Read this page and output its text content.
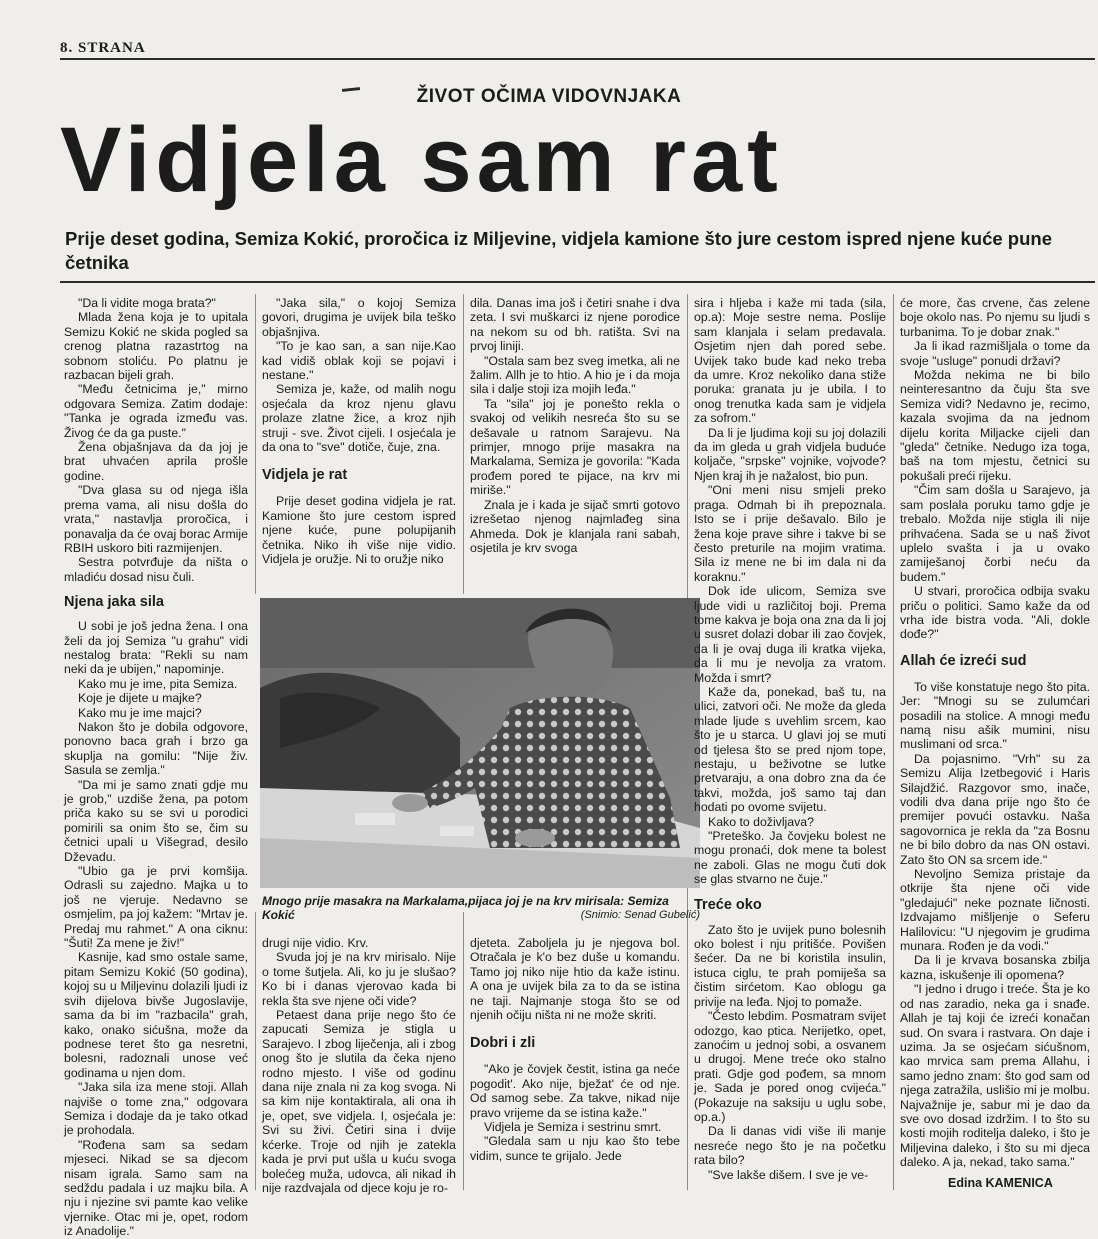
8. STRANA
ŽIVOT OČIMA VIDOVNJAKA
Vidjela sam rat
Prije deset godina, Semiza Kokić, proročica iz Miljevine, vidjela kamione što jure cestom ispred njene kuće pune četnika

"Da li vidite moga brata?"

Mlada žena koja je to upitala Semizu Kokić ne skida pogled sa crenog platna razastrtog na sobnom stoliću. Po platnu je razbacan bijeli grah.

"Među četnicima je," mirno odgovara Semiza. Zatim dodaje: "Tanka je ograda između vas. Živog će da ga puste."

Žena objašnjava da da joj je brat uhvaćen aprila prošle godine.

"Dva glasa su od njega išla prema vama, ali nisu došla do vrata," nastavlja proročica, i ponavalja da će ovaj borac Armije RBIH uskoro biti razmijenjen.

Sestra potvrđuje da ništa o mladiću dosad nisu čuli.

Njena jaka sila

U sobi je još jedna žena. I ona želi da joj Semiza "u grahu" vidi nestalog brata: "Rekli su nam neki da je ubijen," napominje.

Kako mu je ime, pita Semiza.

Koje je dijete u majke?

Kako mu je ime majci?

Nakon što je dobila odgovore, ponovno baca grah i brzo ga skuplja na gomilu: "Nije živ. Sasula se zemlja."

"Da mi je samo znati gdje mu je grob," uzdiše žena, pa potom priča kako su se svi u porodici pomirili sa onim što se, čim su četnici upali u Višegrad, desilo Dževadu.

"Ubio ga je prvi komšija. Odrasli su zajedno. Majka u to još ne vjeruje. Nedavno se osmjelim, pa joj kažem: "Mrtav je. Predaj mu rahmet." A ona ciknu: "Šuti! Za mene je živ!"

Kasnije, kad smo ostale same, pitam Semizu Kokić (50 godina), kojoj su u Miljevinu dolazili ljudi iz svih dijelova bivše Jugoslavije, sama da bi im "razbacila" grah, kako, onako sićušna, može da podnese teret što ga nesretni, bolesni, radoznali unose već godinama u njen dom.

"Jaka sila iza mene stoji. Allah najviše o tome zna," odgovara Semiza i dodaje da je tako otkad je prohodala.

"Rođena sam sa sedam mjeseci. Nikad se sa djecom nisam igrala. Samo sam na sedždu padala i uz majku bila. A nju i njezine svi pamte kao velike vjernike. Otac mi je, opet, rodom iz Anadolije."

"Jaka sila," o kojoj Semiza govori, drugima je uvijek bila teško objašnjiva.

"To je kao san, a san nije.Kao kad vidiš oblak koji se pojavi i nestane."

Semiza je, kaže, od malih nogu osjećala da kroz njenu glavu prolaze zlatne žice, a kroz njih struji - sve. Život cijeli. I osjećala je da ona to "sve" dotiče, čuje, zna.

Vidjela je rat

Prije deset godina vidjela je rat. Kamione što jure cestom ispred njene kuće, pune polupijanih četnika. Niko ih više nije vidio. Vidjela je oružje. Ni to oružje niko

dila. Danas ima još i četiri snahe i dva zeta. I svi muškarci iz njene porodice na nekom su od bh. ratišta. Svi na prvoj liniji.

"Ostala sam bez sveg imetka, ali ne žalim. Allh je to htio. A hio je i da moja sila i dalje stoji iza mojih leđa."

Ta "sila" joj je ponešto rekla o svakoj od velikih nesreća što su se dešavale u ratnom Sarajevu. Na primjer, mnogo prije masakra na Markalama, Semiza je govorila: "Kada prođem pored te pijace, na krv mi miriše."

Znala je i kada je sijač smrti gotovo izrešetao njenog najmlađeg sina Ahmeda. Dok je klanjala rani sabah, osjetila je krv svoga

Mnogo prije masakra na Markalama,pijaca joj je na krv mirisala: Semiza Kokić	(Snimio: Senad Gubelić)

drugi nije vidio. Krv.

Svuda joj je na krv mirisalo. Nije o tome šutjela. Ali, ko ju je slušao? Ko bi i danas vjerovao kada bi rekla šta sve njene oči vide?

Petaest dana prije nego što će zapucati Semiza je stigla u Sarajevo. I zbog liječenja, ali i zbog onog što je slutila da čeka njeno rodno mjesto. I više od godinu dana nije znala ni za kog svoga. Ni sa kim nije kontaktirala, ali ona ih je, opet, sve vidjela. I, osjećala je: Svi su živi. Četiri sina i dvije kćerke. Troje od njih je zatekla kada je prvi put ušla u kuću svoga bolećeg muža, udovca, ali nikad ih nije razdvajala od djece koju je ro-

djeteta. Zaboljela ju je njegova bol. Otračala je k'o bez duše u komandu. Tamo joj niko nije htio da kaže istinu. A ona je uvijek bila za to da se istina ne taji. Najmanje stoga što se od njenih očiju ništa ni ne može skriti.

Dobri i zli

"Ako je čovjek čestit, istina ga neće pogodit'. Ako nije, bježat' će od nje. Od samog sebe. Za takve, nikad nije pravo vrijeme da se istina kaže."

Vidjela je Semiza i sestrinu smrt.

"Gledala sam u nju kao što tebe vidim, sunce te grijalo. Jede

sira i hljeba i kaže mi tada (sila, op.a): Moje sestre nema. Poslije sam klanjala i selam predavala. Osjetim njen dah pored sebe. Uvijek tako bude kad neko treba da umre. Kroz nekoliko dana stiže poruka: granata ju je ubila. I to onog trenutka kada sam je vidjela za sofrom."

Da li je ljudima koji su joj dolazili da im gleda u grah vidjela buduće koljače, "srpske" vojnike, vojvode? Njen kraj ih je nažalost, bio pun.

"Oni meni nisu smjeli preko praga. Odmah bi ih prepoznala. Isto se i prije dešavalo. Bilo je žena koje prave sihre i takve bi se često preturile na mojim vratima. Sila iz mene ne bi im dala ni da koraknu."

Dok ide ulicom, Semiza sve ljude vidi u različitoj boji. Prema tome kakva je boja ona zna da li joj u susret dolazi dobar ili zao čovjek, da li je ovaj duga ili kratka vijeka, da li mu je nevolja za vratom. Možda i smrt?

Kaže da, ponekad, baš tu, na ulici, zatvori oči. Ne može da gleda mlade ljude s uvehlim srcem, kao što je u starca. U glavi joj se muti od tjelesa što se pred njom tope, nestaju, u beživotne se lutke pretvaraju, a ona dobro zna da će takvi, možda, još samo taj dan hodati po ovome svijetu.

Kako to doživljava?

"Preteško. Ja čovjeku bolest ne mogu pronaći, dok mene ta bolest ne zaboli. Glas ne mogu čuti dok se glas stvarno ne čuje."

Treće oko

Zato što je uvijek puno bolesnih oko bolest i nju pritišće. Povišen šećer. Da ne bi koristila insulin, istuca ciglu, te prah pomiješa sa čistim sirćetom. Kao oblogu ga privije na leđa. Njoj to pomaže.

"Često lebdim. Posmatram svijet odozgo, kao ptica. Nerijetko, opet, zanoćim u jednoj sobi, a osvanem u drugoj. Mene treće oko stalno prati. Gdje god pođem, sa mnom je. Sada je pored onog cvijeća." (Pokazuje na saksiju u uglu sobe, op.a.)

Da li danas vidi više ili manje nesreće nego što je na početku rata bilo?

"Sve lakše dišem. I sve je ve-

će more, čas crvene, čas zelene boje okolo nas. Po njemu su ljudi s turbanima. To je dobar znak."

Ja li ikad razmišljala o tome da svoje "usluge" ponudi državi?

Možda nekima ne bi bilo neinteresantno da čuju šta sve Semiza vidi? Nedavno je, recimo, kazala svojima da na jednom dijelu korita Miljacke cijeli dan "gleda" četnike. Nedugo iza toga, baš na tom mjestu, četnici su pokušali preći rijeku.

"Čim sam došla u Sarajevo, ja sam poslala poruku tamo gdje je trebalo. Možda nije stigla ili nije prihvaćena. Sada se u naš život uplelo svašta i ja u ovako zamiješanoj čorbi neću da budem."

U stvari, proročica odbija svaku priču o politici. Samo kaže da od vrha ide bistra voda. "Ali, dokle dođe?"

Allah će izreći sud

To više konstatuje nego što pita. Jer: "Mnogi su se zulumćari posadili na stolice. A mnogi među namą nisu ašik mumini, nisu muslimani od srca."

Da pojasnimo. "Vrh" su za Semizu Alija Izetbegović i Haris Silajdžić. Razgovor smo, inače, vodili dva dana prije ngo što će premijer povući ostavku. Naša sagovornica je rekla da "za Bosnu ne bi bilo dobro da nas ON ostavi. Zato što ON sa srcem ide."

Nevoljno Semiza pristaje da otkrije šta njene oči vide "gledajući" neke poznate ličnosti. Izdvajamo mišljenje o Seferu Halilovicu: "U njegovim je grudima munara. Rođen je da vodi."

Da li je krvava bosanska zbilja kazna, iskušenje ili opomena?

"I jedno i drugo i treće. Šta je ko od nas zaradio, neka ga i snađe. Allah je taj koji će izreći konačan sud. On svara i rastvara. On daje i uzima. Ja se osjećam sićušnom, kao mrvica sam prema Allahu, i samo jedno znam: što god sam od njega zatražila, uslišio mi je molbu. Najvažnije je, sabur mi je dao da sve ovo dosad izdržim. I to što su kosti mojih roditelja daleko, i što je Miljevina daleko, i što su mi djeca daleko. A ja, nekad, tako sama."

Edina KAMENICA
